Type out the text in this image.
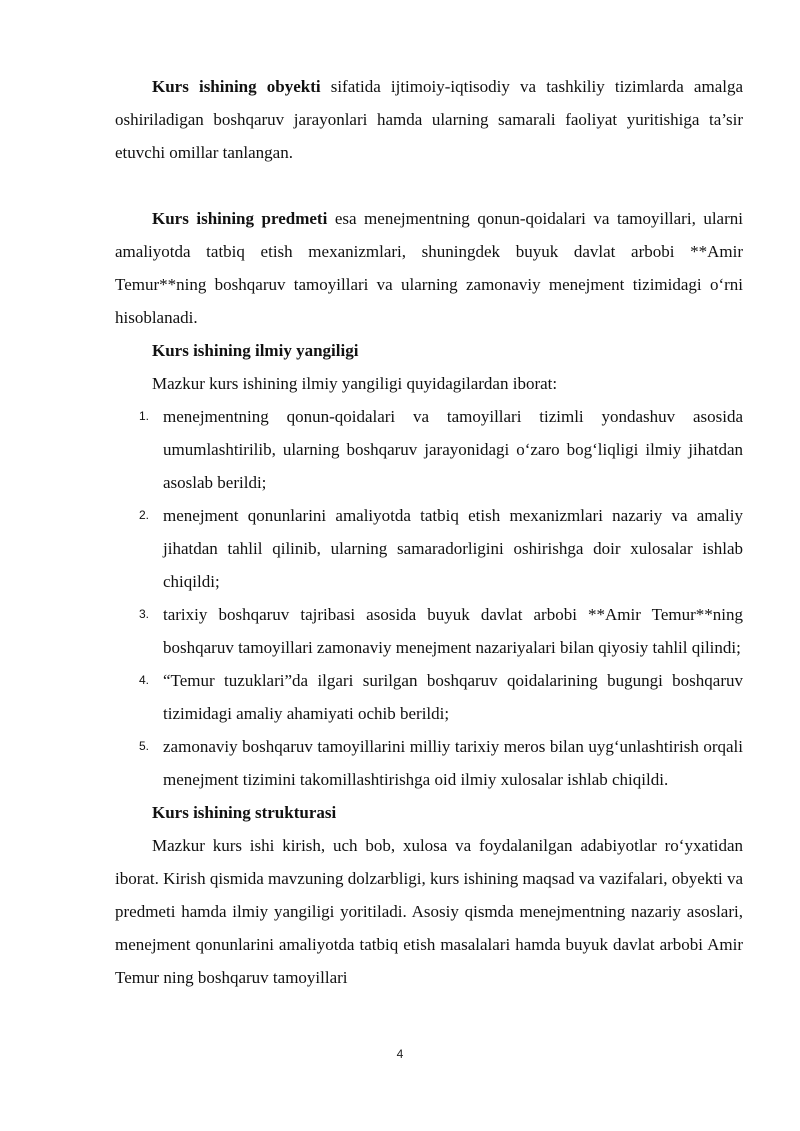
Kurs ishining obyekti sifatida ijtimoiy-iqtisodiy va tashkiliy tizimlarda amalga oshiriladigan boshqaruv jarayonlari hamda ularning samarali faoliyat yuritishiga ta’sir etuvchi omillar tanlangan.

Kurs ishining predmeti esa menejmentning qonun-qoidalari va tamoyillari, ularni amaliyotda tatbiq etish mexanizmlari, shuningdek buyuk davlat arbobi **Amir Temur**ning boshqaruv tamoyillari va ularning zamonaviy menejment tizimidagi o‘rni hisoblanadi.

Kurs ishining ilmiy yangiligi

Mazkur kurs ishining ilmiy yangiligi quyidagilardan iborat:

1. menejmentning qonun-qoidalari va tamoyillari tizimli yondashuv asosida umumlashtirilib, ularning boshqaruv jarayonidagi o‘zaro bog‘liqligi ilmiy jihatdan asoslab berildi;
2. menejment qonunlarini amaliyotda tatbiq etish mexanizmlari nazariy va amaliy jihatdan tahlil qilinib, ularning samaradorligini oshirishga doir xulosalar ishlab chiqildi;
3. tarixiy boshqaruv tajribasi asosida buyuk davlat arbobi **Amir Temur**ning boshqaruv tamoyillari zamonaviy menejment nazariyalari bilan qiyosiy tahlil qilindi;
4. “Temur tuzuklari”da ilgari surilgan boshqaruv qoidalarining bugungi boshqaruv tizimidagi amaliy ahamiyati ochib berildi;
5. zamonaviy boshqaruv tamoyillarini milliy tarixiy meros bilan uyg‘unlashtirish orqali menejment tizimini takomillashtirishga oid ilmiy xulosalar ishlab chiqildi.

Kurs ishining strukturasi

Mazkur kurs ishi kirish, uch bob, xulosa va foydalanilgan adabiyotlar ro‘yxatidan iborat. Kirish qismida mavzuning dolzarbligi, kurs ishining maqsad va vazifalari, obyekti va predmeti hamda ilmiy yangiligi yoritiladi. Asosiy qismda menejmentning nazariy asoslari, menejment qonunlarini amaliyotda tatbiq etish masalalari hamda buyuk davlat arbobi Amir Temur ning boshqaruv tamoyillari

4
